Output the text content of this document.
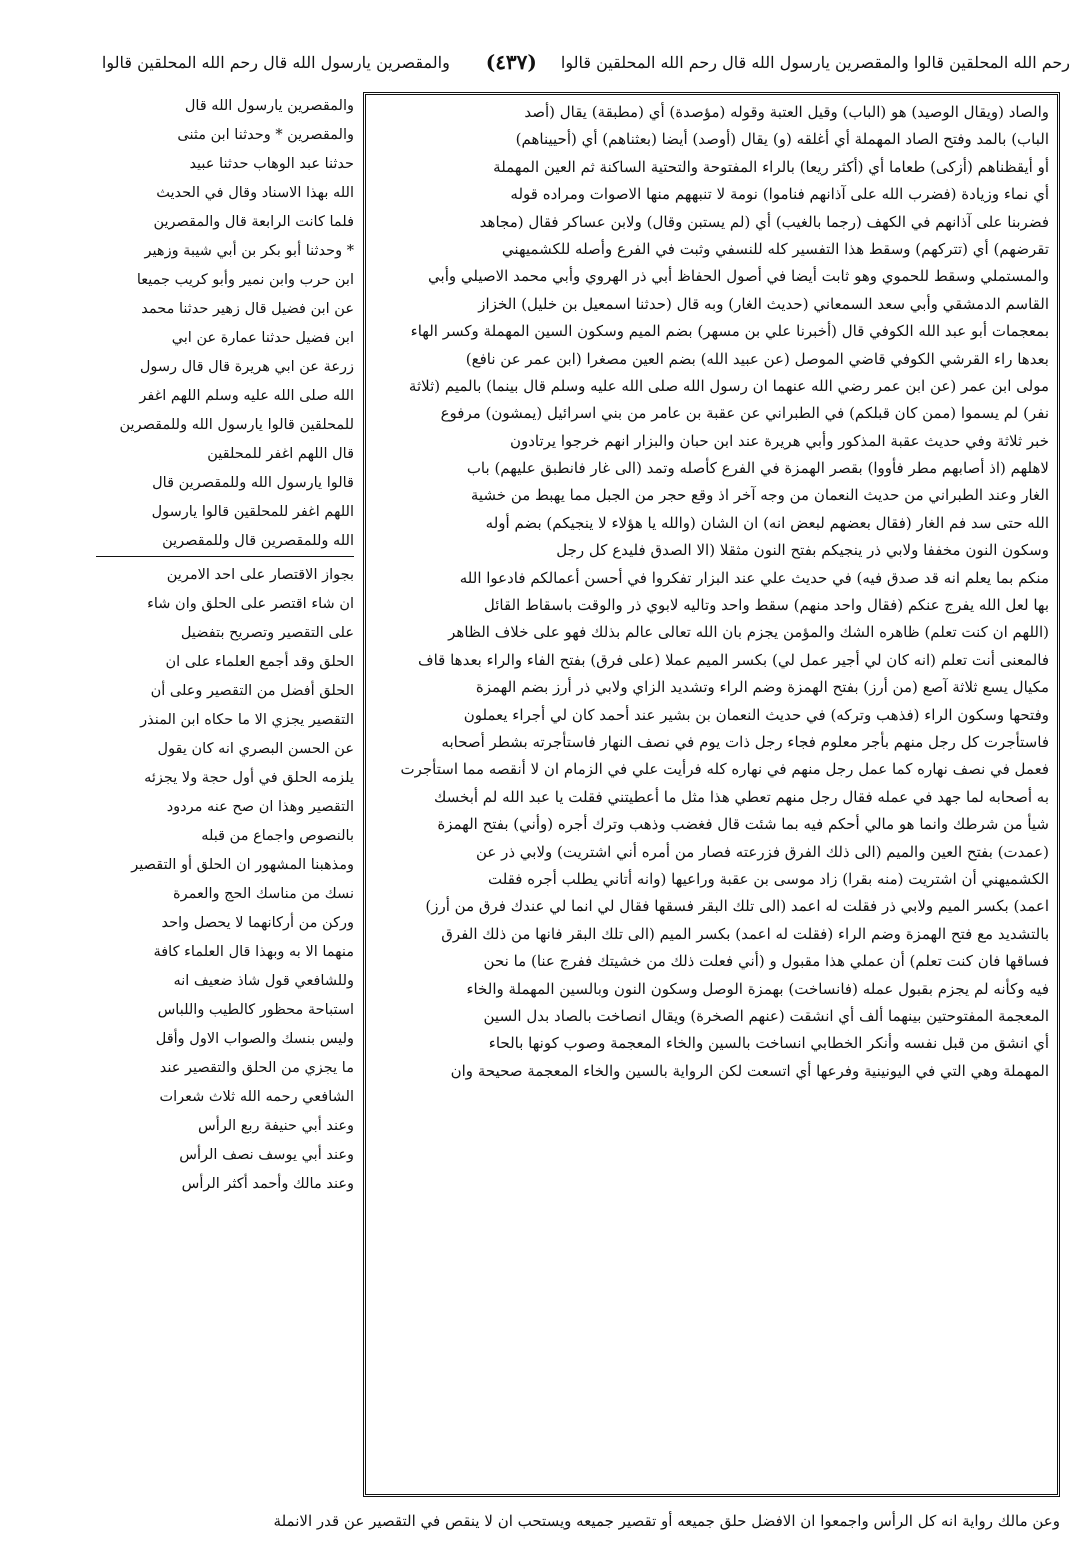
رحم الله المحلقين قالوا والمقصرين يارسول الله قال رحم الله المحلقين قالوا
(٤٣٧)
والمقصرين يارسول الله قال رحم الله المحلقين قالوا
والصاد (ويقال الوصيد) هو (الباب) وقيل العتبة وقوله (مؤصدة) أي (مطبقة) يقال (أصد
الباب) بالمد وفتح الصاد المهملة أي أغلقه (و) يقال (أوصد) أيضا (بعثناهم) أي (أحييناهم)
أو أيقظناهم (أزكى) طعاما أي (أكثر ريعا) بالراء المفتوحة والتحتية الساكنة ثم العين المهملة
أي نماء وزيادة (فضرب الله على آذانهم فناموا) نومة لا تنبههم منها الاصوات ومراده قوله
فضربنا على آذانهم في الكهف (رجما بالغيب) أي (لم يستبن وقال) ولابن عساكر فقال (مجاهد
تقرضهم) أي (تتركهم) وسقط هذا التفسير كله للنسفي وثبت في الفرع وأصله للكشميهني
والمستملي وسقط للحموي وهو ثابت أيضا في أصول الحفاظ أبي ذر الهروي وأبي محمد الاصيلي وأبي
القاسم الدمشقي وأبي سعد السمعاني (حديث الغار) وبه قال (حدثنا اسمعيل بن خليل) الخزاز
بمعجمات أبو عبد الله الكوفي قال (أخبرنا علي بن مسهر) بضم الميم وسكون السين المهملة وكسر الهاء
بعدها راء القرشي الكوفي قاضي الموصل (عن عبيد الله) بضم العين مصغرا (ابن عمر عن نافع)
مولى ابن عمر (عن ابن عمر رضي الله عنهما ان رسول الله صلى الله عليه وسلم قال بينما) بالميم (ثلاثة
نفر) لم يسموا (ممن كان قبلكم) في الطبراني عن عقبة بن عامر من بني اسرائيل (يمشون) مرفوع
خبر ثلاثة وفي حديث عقبة المذكور وأبي هريرة عند ابن حبان والبزار انهم خرجوا يرتادون
لاهلهم (اذ أصابهم مطر فأووا) بقصر الهمزة في الفرع كأصله وتمد (الى غار فانطبق عليهم) باب
الغار وعند الطبراني من حديث النعمان من وجه آخر اذ وقع حجر من الجبل مما يهبط من خشية
الله حتى سد فم الغار (فقال بعضهم لبعض انه) ان الشان (والله يا هؤلاء لا ينجيكم) بضم أوله
وسكون النون مخففا ولابي ذر ينجيكم بفتح النون مثقلا (الا الصدق فليدع كل رجل
منكم بما يعلم انه قد صدق فيه) في حديث علي عند البزار تفكروا في أحسن أعمالكم فادعوا الله
بها لعل الله يفرج عنكم (فقال واحد منهم) سقط واحد وتاليه لابوي ذر والوقت باسقاط القائل
(اللهم ان كنت تعلم) ظاهره الشك والمؤمن يجزم بان الله تعالى عالم بذلك فهو على خلاف الظاهر
فالمعنى أنت تعلم (انه كان لي أجير عمل لي) بكسر الميم عملا (على فرق) بفتح الفاء والراء بعدها قاف
مكيال يسع ثلاثة آصع (من أرز) بفتح الهمزة وضم الراء وتشديد الزاي ولابي ذر أرز بضم الهمزة
وفتحها وسكون الراء (فذهب وتركه) في حديث النعمان بن بشير عند أحمد كان لي أجراء يعملون
فاستأجرت كل رجل منهم بأجر معلوم فجاء رجل ذات يوم في نصف النهار فاستأجرته بشطر أصحابه
فعمل في نصف نهاره كما عمل رجل منهم في نهاره كله فرأيت علي في الزمام ان لا أنقصه مما استأجرت
به أصحابه لما جهد في عمله فقال رجل منهم تعطي هذا مثل ما أعطيتني فقلت يا عبد الله لم أبخسك
شيأ من شرطك وانما هو مالي أحكم فيه بما شئت قال فغضب وذهب وترك أجره (وأني) بفتح الهمزة
(عمدت) بفتح العين والميم (الى ذلك الفرق فزرعته فصار من أمره أني اشتريت) ولابي ذر عن
الكشميهني أن اشتريت (منه بقرا) زاد موسى بن عقبة وراعيها (وانه أتاني يطلب أجره فقلت
اعمد) بكسر الميم ولابي ذر فقلت له اعمد (الى تلك البقر فسقها فقال لي انما لي عندك فرق من أرز)
بالتشديد مع فتح الهمزة وضم الراء (فقلت له اعمد) بكسر الميم (الى تلك البقر فانها من ذلك الفرق
فساقها فان كنت تعلم) أن عملي هذا مقبول و (أني فعلت ذلك من خشيتك ففرج عنا) ما نحن
فيه وكأنه لم يجزم بقبول عمله (فانساخت) بهمزة الوصل وسكون النون وبالسين المهملة والخاء
المعجمة المفتوحتين بينهما ألف أي انشقت (عنهم الصخرة) ويقال انصاخت بالصاد بدل السين
أي انشق من قبل نفسه وأنكر الخطابي انساخت بالسين والخاء المعجمة وصوب كونها بالحاء
المهملة وهي التي في اليونينية وفرعها أي اتسعت لكن الرواية بالسين والخاء المعجمة صحيحة وان
والمقصرين يارسول الله قال
والمقصرين * وحدثنا ابن مثنى
حدثنا عبد الوهاب حدثنا عبيد
الله بهذا الاسناد وقال في الحديث
فلما كانت الرابعة قال والمقصرين
* وحدثنا أبو بكر بن أبي شيبة وزهير
ابن حرب وابن نمير وأبو كريب جميعا
عن ابن فضيل قال زهير حدثنا محمد
ابن فضيل حدثنا عمارة عن ابي
زرعة عن ابي هريرة قال قال رسول
الله صلى الله عليه وسلم اللهم اغفر
للمحلقين قالوا يارسول الله وللمقصرين
قال اللهم اغفر للمحلقين
قالوا يارسول الله وللمقصرين قال
اللهم اغفر للمحلقين قالوا يارسول
الله وللمقصرين قال وللمقصرين
بجواز الاقتصار على احد الامرين
ان شاء اقتصر على الحلق وان شاء
على التقصير وتصريح بتفضيل
الحلق وقد أجمع العلماء على ان
الحلق أفضل من التقصير وعلى أن
التقصير يجزي الا ما حكاه ابن المنذر
عن الحسن البصري انه كان يقول
يلزمه الحلق في أول حجة ولا يجزئه
التقصير وهذا ان صح عنه مردود
بالنصوص واجماع من قبله
ومذهبنا المشهور ان الحلق أو التقصير
نسك من مناسك الحج والعمرة
وركن من أركانهما لا يحصل واحد
منهما الا به وبهذا قال العلماء كافة
وللشافعي قول شاذ ضعيف انه
استباحة محظور كالطيب واللباس
وليس بنسك والصواب الاول وأقل
ما يجزي من الحلق والتقصير عند
الشافعي رحمه الله ثلاث شعرات
وعند أبي حنيفة ربع الرأس
وعند أبي يوسف نصف الرأس
وعند مالك وأحمد أكثر الرأس
وعن مالك رواية انه كل الرأس واجمعوا ان الافضل حلق جميعه أو تقصير جميعه ويستحب ان لا ينقص في التقصير عن قدر الانملة
